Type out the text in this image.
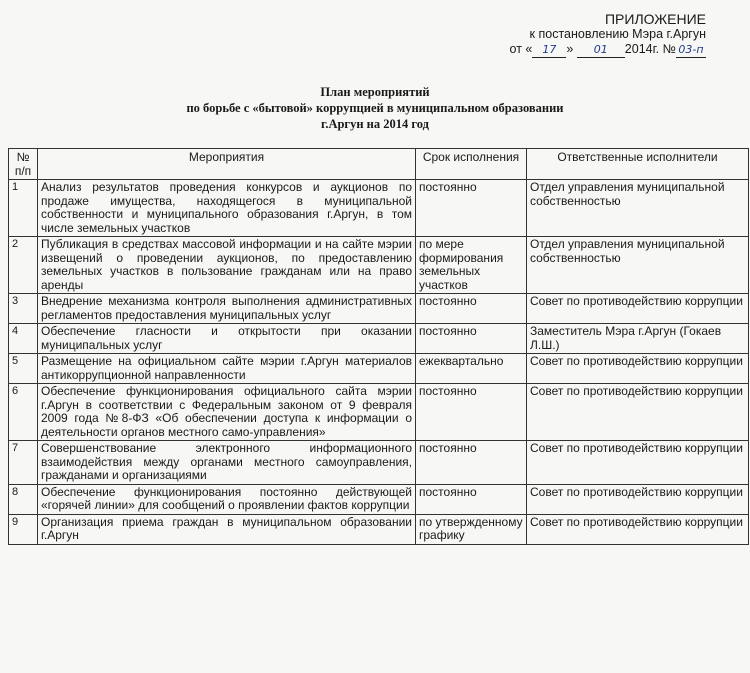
ПРИЛОЖЕНИЕ
к постановлению Мэра г.Аргун
от « 17 » 01 2014г. № 03-п
План мероприятий
по борьбе с «бытовой» коррупцией в муниципальном образовании
г.Аргун на 2014 год
№ п/п	Мероприятия	Срок исполнения	Ответственные исполнители
1	Анализ результатов проведения конкурсов и аукционов по продаже имущества, находящегося в муниципальной собственности и муниципального образования г.Аргун, в том числе земельных участков	постоянно	Отдел управления муниципальной собственностью
2	Публикация в средствах массовой информации и на сайте мэрии извещений о проведении аукционов, по предоставлению земельных участков в пользование гражданам или на право аренды	по мере формирования земельных участков	Отдел управления муниципальной собственностью
3	Внедрение механизма контроля выполнения административных регламентов предоставления муниципальных услуг	постоянно	Совет по противодействию коррупции
4	Обеспечение гласности и открытости при оказании муниципальных услуг	постоянно	Заместитель Мэра г.Аргун (Гокаев Л.Ш.)
5	Размещение на официальном сайте мэрии г.Аргун материалов антикоррупционной направленности	ежеквартально	Совет по противодействию коррупции
6	Обеспечение функционирования официального сайта мэрии г.Аргун в соответствии с Федеральным законом от 9 февраля 2009 года №8-ФЗ «Об обеспечении доступа к информации о деятельности органов местного само-управления»	постоянно	Совет по противодействию коррупции
7	Совершенствование электронного информационного взаимодействия между органами местного самоуправления, гражданами и организациями	постоянно	Совет по противодействию коррупции
8	Обеспечение функционирования постоянно действующей «горячей линии» для сообщений о проявлении фактов коррупции	постоянно	Совет по противодействию коррупции
9	Организация приема граждан в муниципальном образовании г.Аргун	по утвержденному графику	Совет по противодействию коррупции
